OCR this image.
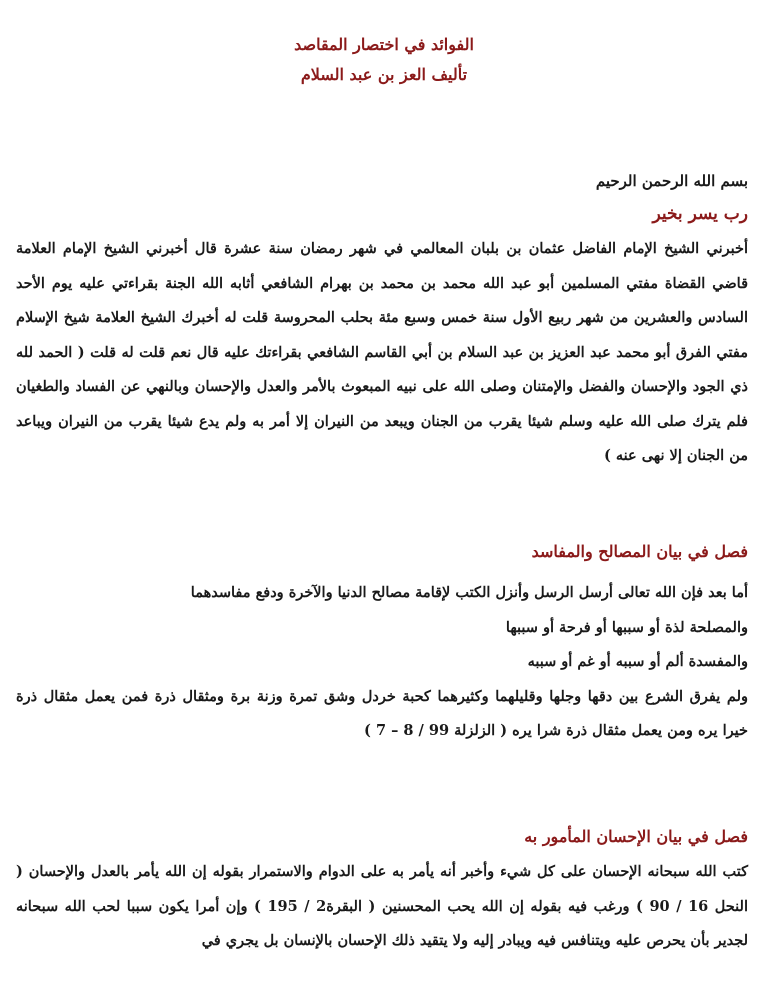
الفوائد في اختصار المقاصد
تأليف العز بن عبد السلام
بسم الله الرحمن الرحيم
رب يسر بخير
أخبرني الشيخ الإمام الفاضل عثمان بن بلبان المعالمي في شهر رمضان سنة عشرة قال أخبرني الشيخ الإمام العلامة قاضي القضاة مفتي المسلمين أبو عبد الله محمد بن محمد بن بهرام الشافعي أثابه الله الجنة بقراءتي عليه يوم الأحد السادس والعشرين من شهر ربيع الأول سنة خمس وسبع مئة بحلب المحروسة قلت له أخبرك الشيخ العلامة شيخ الإسلام مفتي الفرق أبو محمد عبد العزيز بن عبد السلام بن أبي القاسم الشافعي بقراءتك عليه قال نعم قلت له قلت ( الحمد لله ذي الجود والإحسان والفضل والإمتنان وصلى الله على نبيه المبعوث بالأمر والعدل والإحسان وبالنهي عن الفساد والطغيان فلم يترك صلى الله عليه وسلم شيئا يقرب من الجنان ويبعد من النيران إلا أمر به ولم يدع شيئا يقرب من النيران ويباعد من الجنان إلا نهى عنه )
فصل في بيان المصالح والمفاسد
أما بعد فإن الله تعالى أرسل الرسل وأنزل الكتب لإقامة مصالح الدنيا والآخرة ودفع مفاسدهما
والمصلحة لذة أو سببها أو فرحة أو سببها
والمفسدة ألم أو سببه أو غم أو سببه
ولم يفرق الشرع بين دقها وجلها وقليلهما وكثيرهما كحبة خردل وشق تمرة وزنة برة ومثقال ذرة فمن يعمل مثقال ذرة خيرا يره ومن يعمل مثقال ذرة شرا يره ( الزلزلة 99 / 8 – 7 )
فصل في بيان الإحسان المأمور به
كتب الله سبحانه الإحسان على كل شيء وأخبر أنه يأمر به على الدوام والاستمرار بقوله إن الله يأمر بالعدل والإحسان ( النحل 16 / 90 ) ورغب فيه بقوله إن الله يحب المحسنين ( البقرة2 / 195 ) وإن أمرا يكون سببا لحب الله سبحانه لجدير بأن يحرص عليه ويتنافس فيه ويبادر إليه ولا يتقيد ذلك الإحسان بالإنسان بل يجري في
